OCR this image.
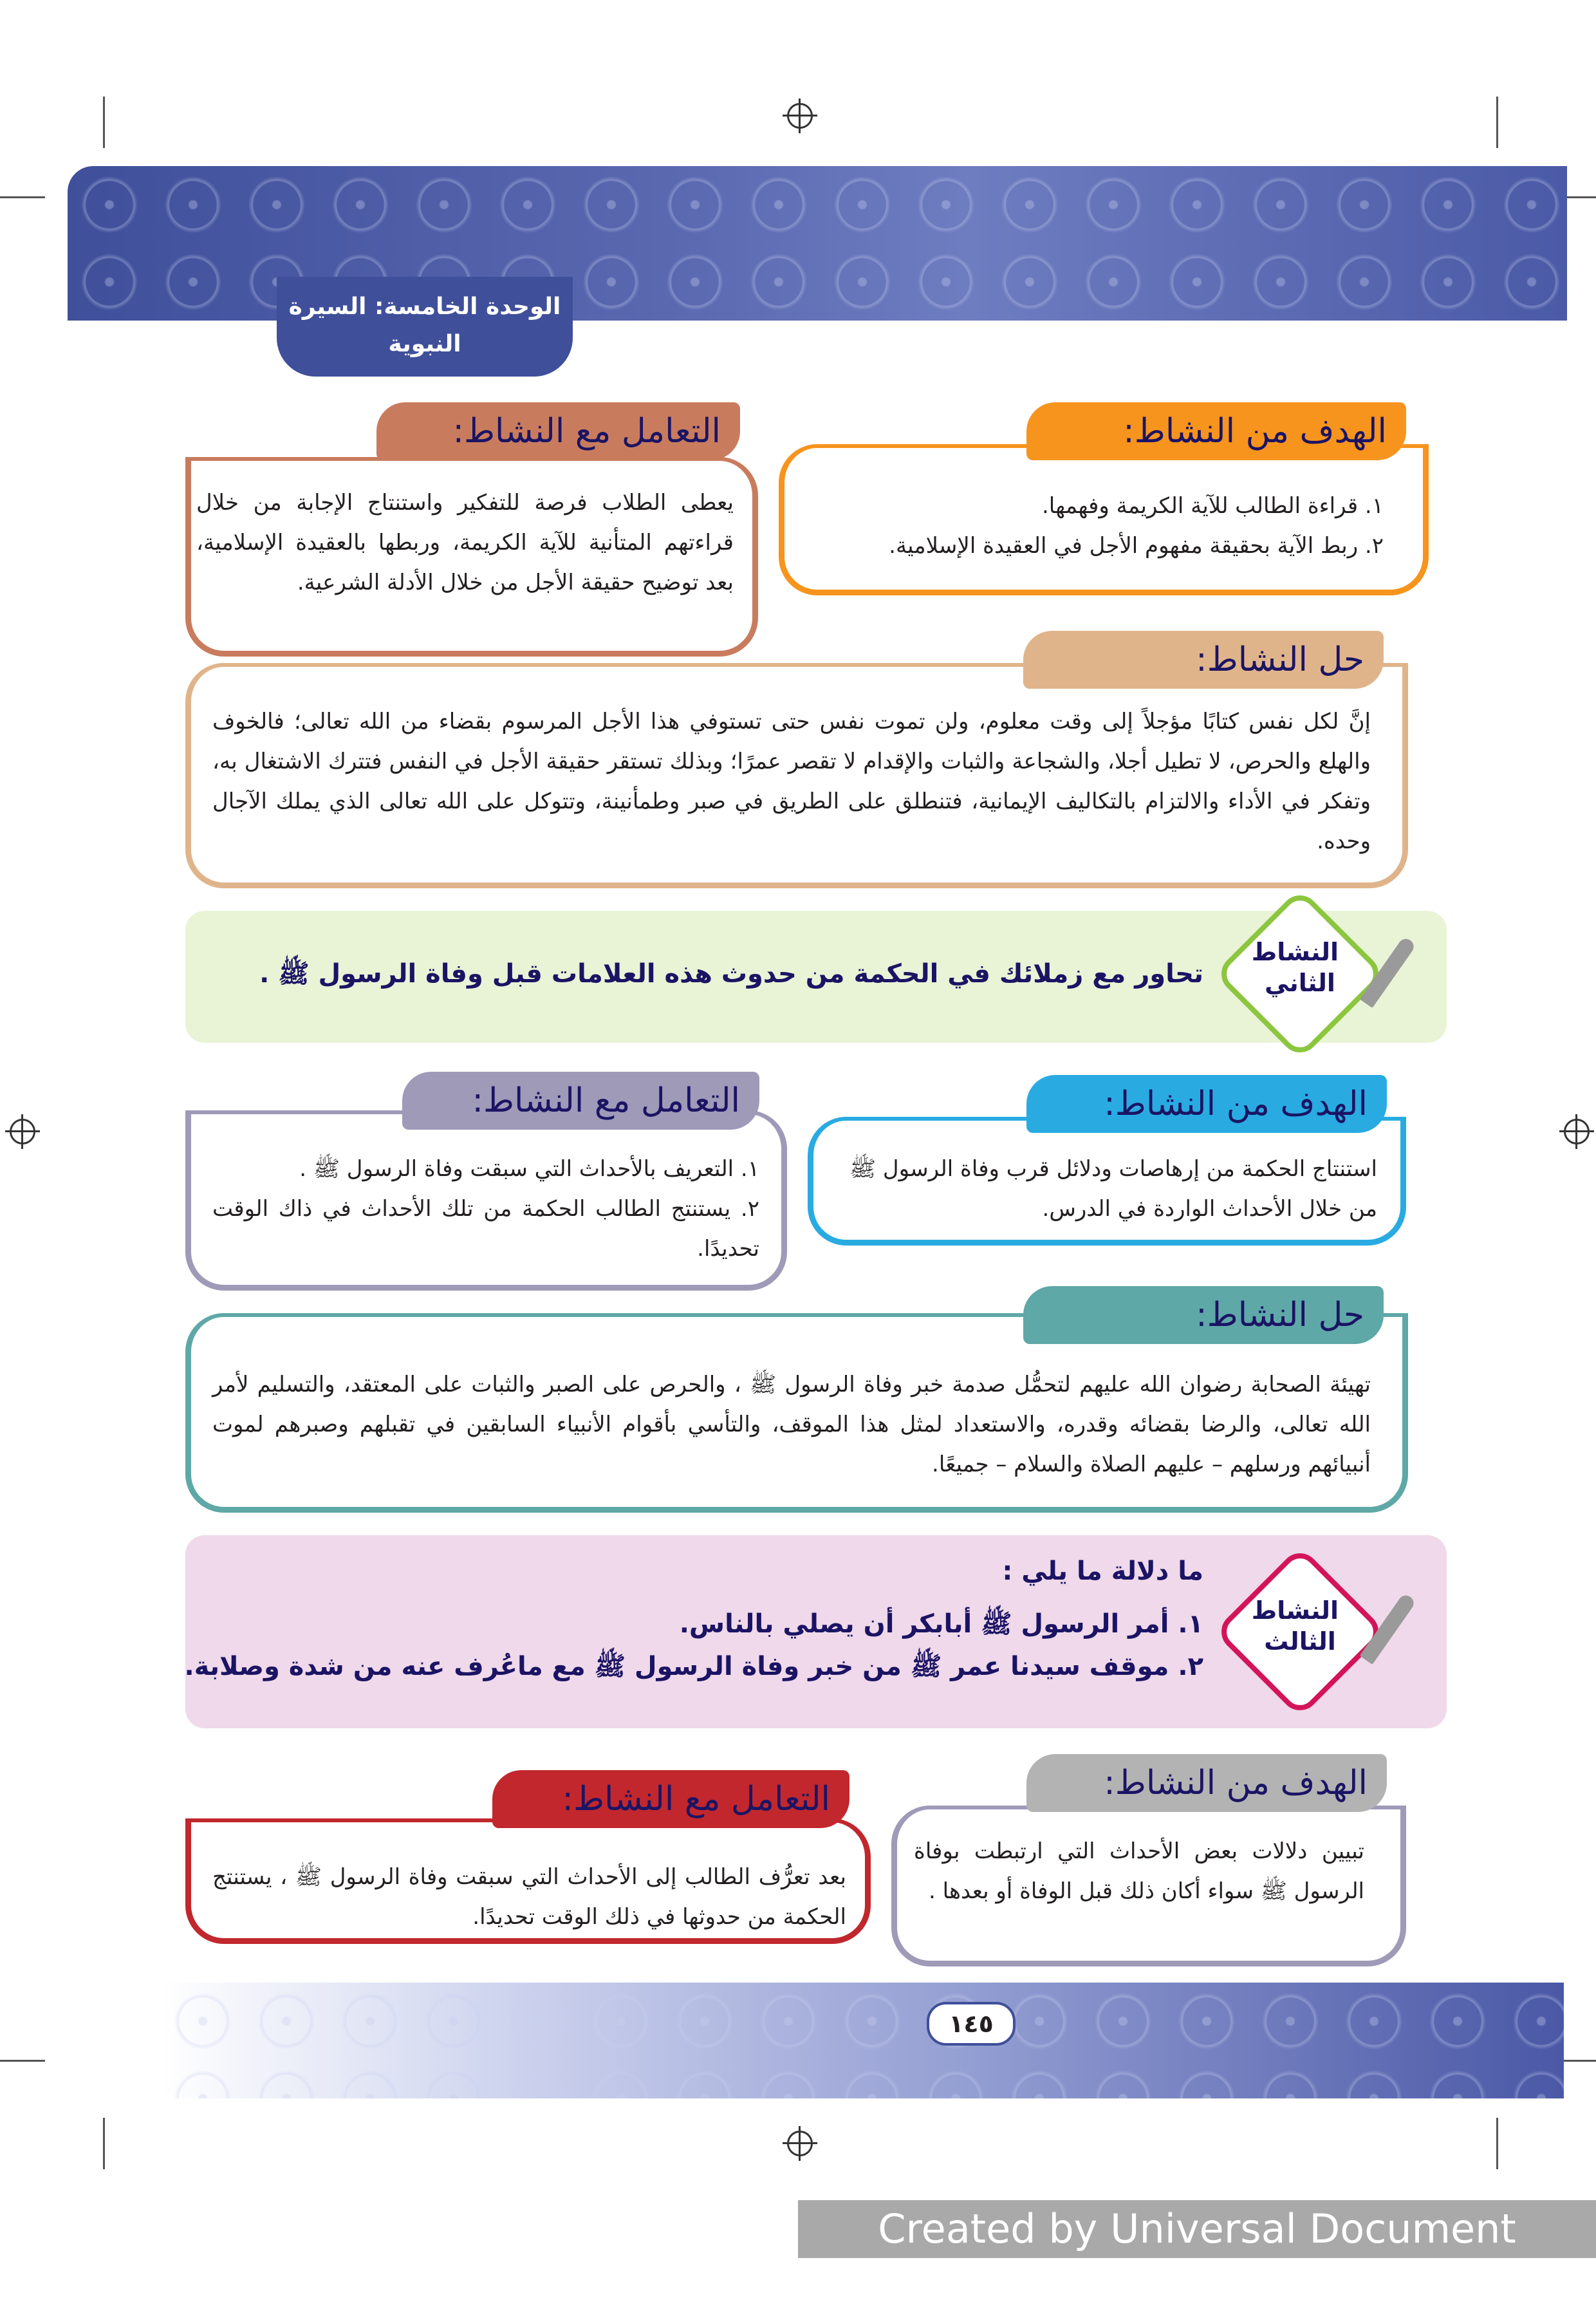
الوحدة الخامسة: السيرة
النبوية
الهدف من النشاط:
١. قراءة الطالب للآية الكريمة وفهمها.
٢. ربط الآية بحقيقة مفهوم الأجل في العقيدة الإسلامية.
التعامل مع النشاط:
يعطى الطلاب فرصة للتفكير واستنتاج الإجابة من خلال قراءتهم المتأنية للآية الكريمة، وربطها بالعقيدة الإسلامية، بعد توضيح حقيقة الأجل من خلال الأدلة الشرعية.
حل النشاط:
إنَّ لكل نفس كتابًا مؤجلاً إلى وقت معلوم، ولن تموت نفس حتى تستوفي هذا الأجل المرسوم بقضاء من الله تعالى؛ فالخوف والهلع والحرص، لا تطيل أجلا، والشجاعة والثبات والإقدام لا تقصر عمرًا؛ وبذلك تستقر حقيقة الأجل في النفس فتترك الاشتغال به، وتفكر في الأداء والالتزام بالتكاليف الإيمانية، فتنطلق على الطريق في صبر وطمأنينة، وتتوكل على الله تعالى الذي يملك الآجال وحده.
النشاط
الثاني
تحاور مع زملائك في الحكمة من حدوث هذه العلامات قبل وفاة الرسول ﷺ .
الهدف من النشاط:
استنتاج الحكمة من إرهاصات ودلائل قرب وفاة الرسول ﷺ من خلال الأحداث الواردة في الدرس.
التعامل مع النشاط:
١. التعريف بالأحداث التي سبقت وفاة الرسول ﷺ .
٢. يستنتج الطالب الحكمة من تلك الأحداث في ذاك الوقت تحديدًا.
حل النشاط:
تهيئة الصحابة رضوان الله عليهم لتحمُّل صدمة خبر وفاة الرسول ﷺ ، والحرص على الصبر والثبات على المعتقد، والتسليم لأمر الله تعالى، والرضا بقضائه وقدره، والاستعداد لمثل هذا الموقف، والتأسي بأقوام الأنبياء السابقين في تقبلهم وصبرهم لموت أنبيائهم ورسلهم – عليهم الصلاة والسلام – جميعًا.
النشاط
الثالث
ما دلالة ما يلي :
١. أمر الرسول ﷺ أبابكر أن يصلي بالناس.
٢. موقف سيدنا عمر ﷺ من خبر وفاة الرسول ﷺ مع ماعُرف عنه من شدة وصلابة.
الهدف من النشاط:
تبيين دلالات بعض الأحداث التي ارتبطت بوفاة الرسول ﷺ سواء أكان ذلك قبل الوفاة أو بعدها .
التعامل مع النشاط:
بعد تعرُّف الطالب إلى الأحداث التي سبقت وفاة الرسول ﷺ ، يستنتج الحكمة من حدوثها في ذلك الوقت تحديدًا.
١٤٥
Created by Universal Document Converter
